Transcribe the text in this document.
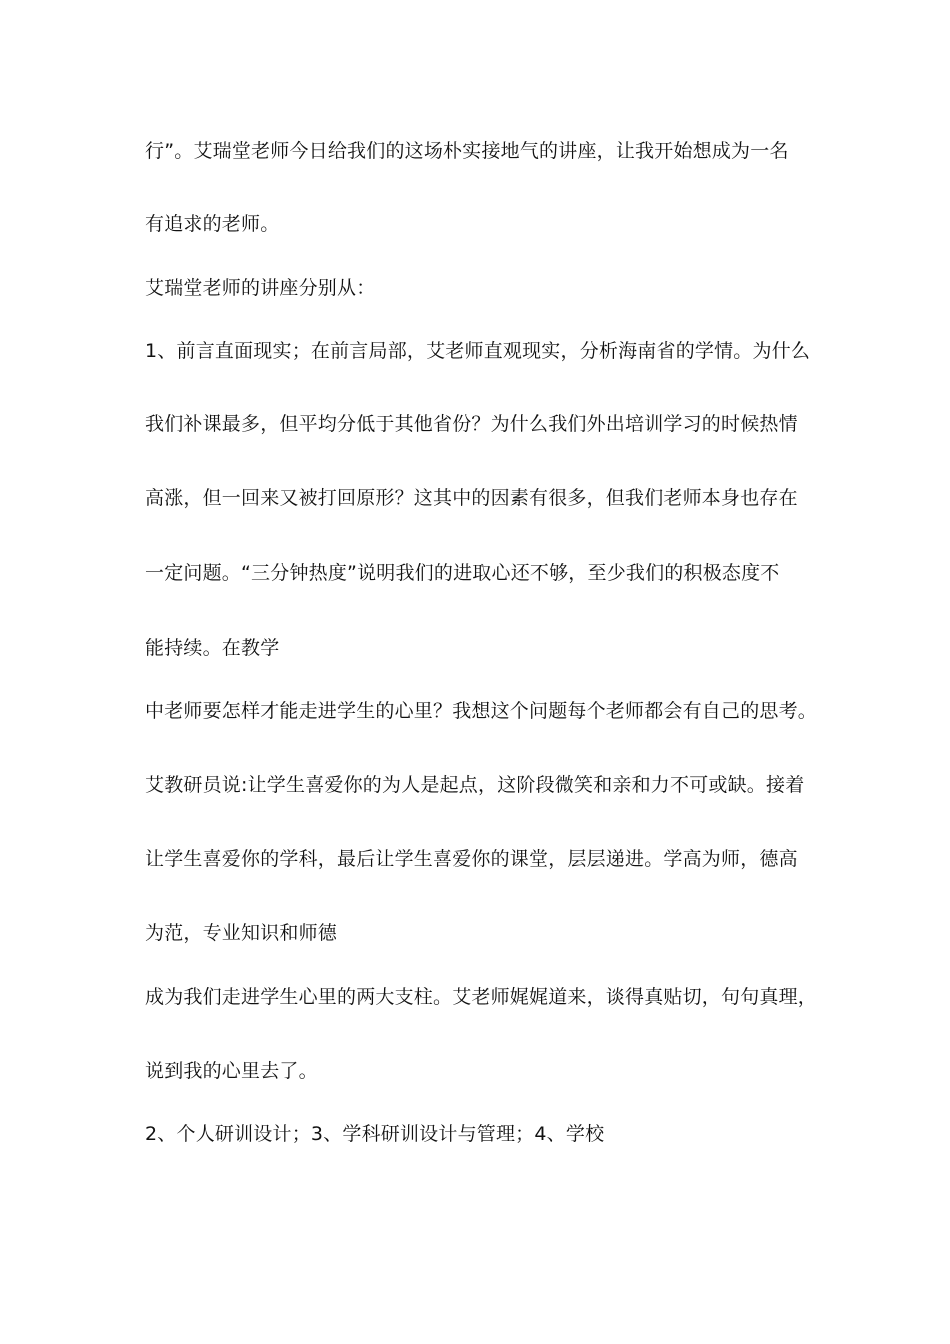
行”。艾瑞堂老师今日给我们的这场朴实接地气的讲座，让我开始想成为一名
有追求的老师。
艾瑞堂老师的讲座分别从：
1、前言直面现实；在前言局部，艾老师直观现实，分析海南省的学情。为什么
我们补课最多，但平均分低于其他省份？为什么我们外出培训学习的时候热情
高涨，但一回来又被打回原形？这其中的因素有很多，但我们老师本身也存在
一定问题。“三分钟热度”说明我们的进取心还不够，至少我们的积极态度不
能持续。在教学
中老师要怎样才能走进学生的心里？我想这个问题每个老师都会有自己的思考。
艾教研员说:让学生喜爱你的为人是起点，这阶段微笑和亲和力不可或缺。接着
让学生喜爱你的学科，最后让学生喜爱你的课堂，层层递进。学高为师，德高
为范，专业知识和师德
成为我们走进学生心里的两大支柱。艾老师娓娓道来，谈得真贴切，句句真理，
说到我的心里去了。
2、个人研训设计；3、学科研训设计与管理；4、学校
